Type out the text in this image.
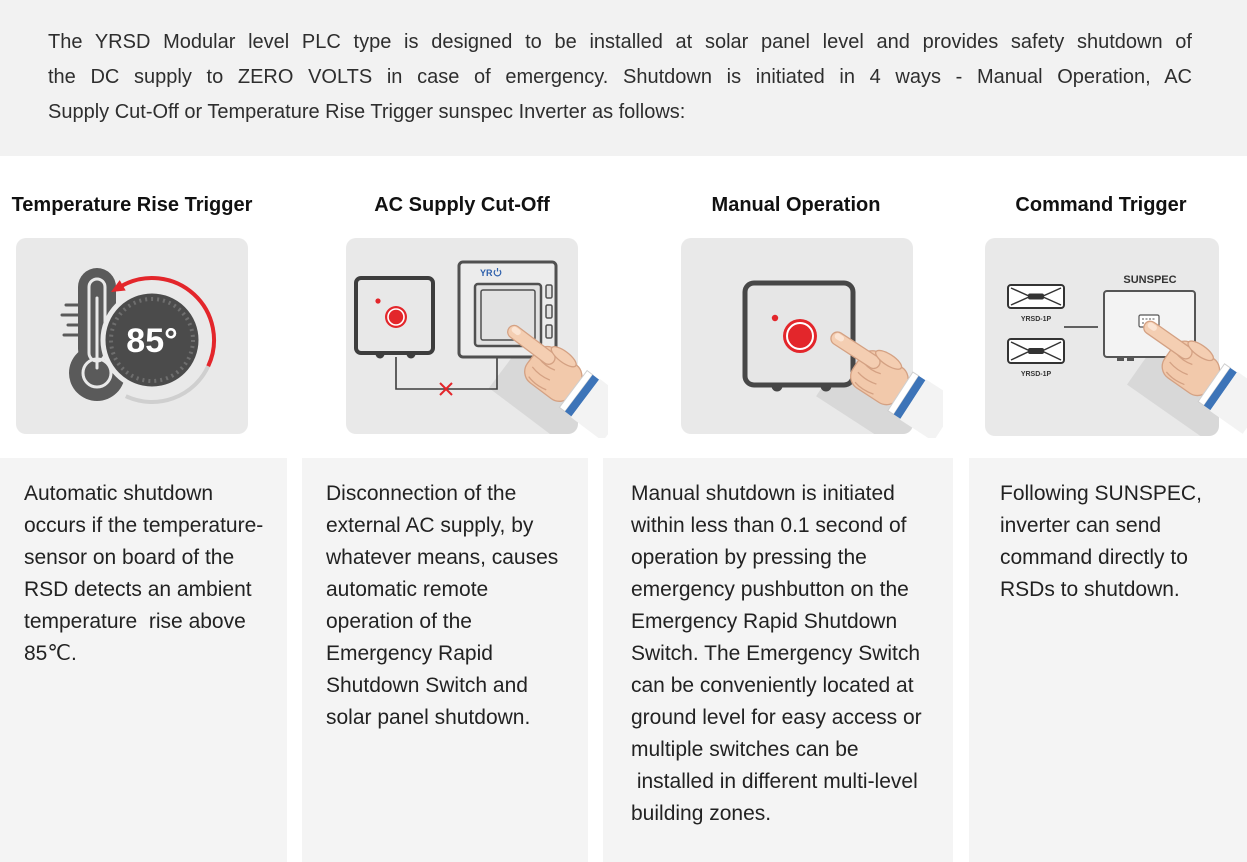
The YRSD Modular level PLC type is designed to be installed at solar panel level and provides safety shutdown of
the DC supply to ZERO VOLTS in case of emergency. Shutdown is initiated in 4 ways - Manual Operation, AC
Supply Cut-Off or Temperature Rise Trigger sunspec Inverter as follows:
Temperature Rise Trigger	AC Supply Cut-Off	Manual Operation	Command Trigger
85°
YR
YRSD-1P
YRSD-1P
SUNSPEC
Automatic shutdown
occurs if the temperature-
sensor on board of the
RSD detects an ambient
temperature  rise above
85℃.
Disconnection of the
external AC supply, by
whatever means, causes
automatic remote
operation of the
Emergency Rapid
Shutdown Switch and
solar panel shutdown.
Manual shutdown is initiated
within less than 0.1 second of
operation by pressing the
emergency pushbutton on the
Emergency Rapid Shutdown
Switch. The Emergency Switch
can be conveniently located at
ground level for easy access or
multiple switches can be
installed in different multi-level
building zones.
Following SUNSPEC,
inverter can send
command directly to
RSDs to shutdown.
